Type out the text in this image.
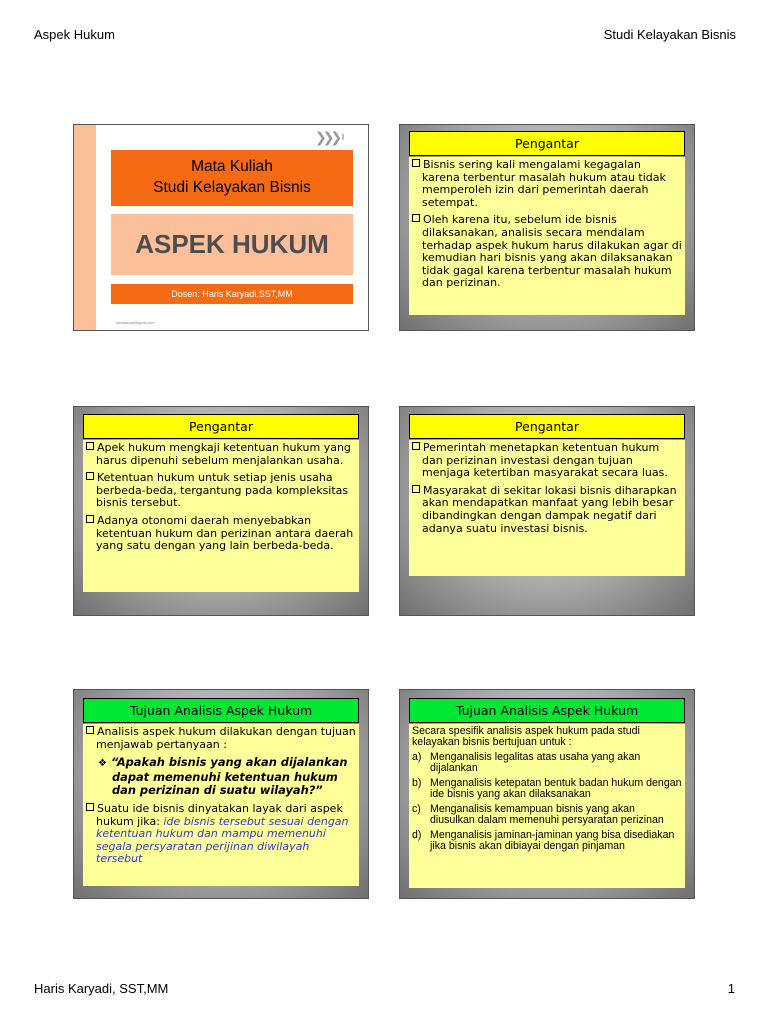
Aspek Hukum	Studi Kelayakan Bisnis
Haris Karyadi, SST,MM	1
❯❯❯
Mata Kuliah
Studi Kelayakan Bisnis
ASPEK HUKUM
Dosen: Haris Karyadi,SST,MM
hariskaryadi@gmail.com
Pengantar
Bisnis sering kali mengalami kegagalan karena terbentur masalah hukum atau tidak memperoleh izin dari pemerintah daerah setempat.
Oleh karena itu, sebelum ide bisnis dilaksanakan, analisis secara mendalam terhadap aspek hukum harus dilakukan agar di kemudian hari bisnis yang akan dilaksanakan tidak gagal karena terbentur masalah hukum dan perizinan.
Pengantar
Apek hukum mengkaji ketentuan hukum yang harus dipenuhi sebelum menjalankan usaha.
Ketentuan hukum untuk setiap jenis usaha berbeda-beda, tergantung pada kompleksitas bisnis tersebut.
Adanya otonomi daerah menyebabkan ketentuan hukum dan perizinan antara daerah yang satu dengan yang lain berbeda-beda.
Pengantar
Pemerintah menetapkan ketentuan hukum dan perizinan investasi dengan tujuan menjaga ketertiban masyarakat secara luas.
Masyarakat di sekitar lokasi bisnis diharapkan akan mendapatkan manfaat yang lebih besar dibandingkan dengan dampak negatif dari adanya suatu investasi bisnis.
Tujuan Analisis Aspek Hukum
Analisis aspek hukum dilakukan dengan tujuan menjawab pertanyaan :
❖ “Apakah bisnis yang akan dijalankan dapat memenuhi ketentuan hukum dan perizinan di suatu wilayah?”
Suatu ide bisnis dinyatakan layak dari aspek hukum jika: ide bisnis tersebut sesuai dengan ketentuan hukum dan mampu memenuhi segala persyaratan perijinan diwilayah tersebut
Tujuan Analisis Aspek Hukum
Secara spesifik analisis aspek hukum pada studi kelayakan bisnis bertujuan untuk :
a) Menganalisis legalitas atas usaha yang akan dijalankan
b) Menganalisis ketepatan bentuk badan hukum dengan ide bisnis yang akan dilaksanakan
c) Menganalisis kemampuan bisnis yang akan diusulkan dalam memenuhi persyaratan perizinan
d) Menganalisis jaminan-jaminan yang bisa disediakan jika bisnis akan dibiayai dengan pinjaman
